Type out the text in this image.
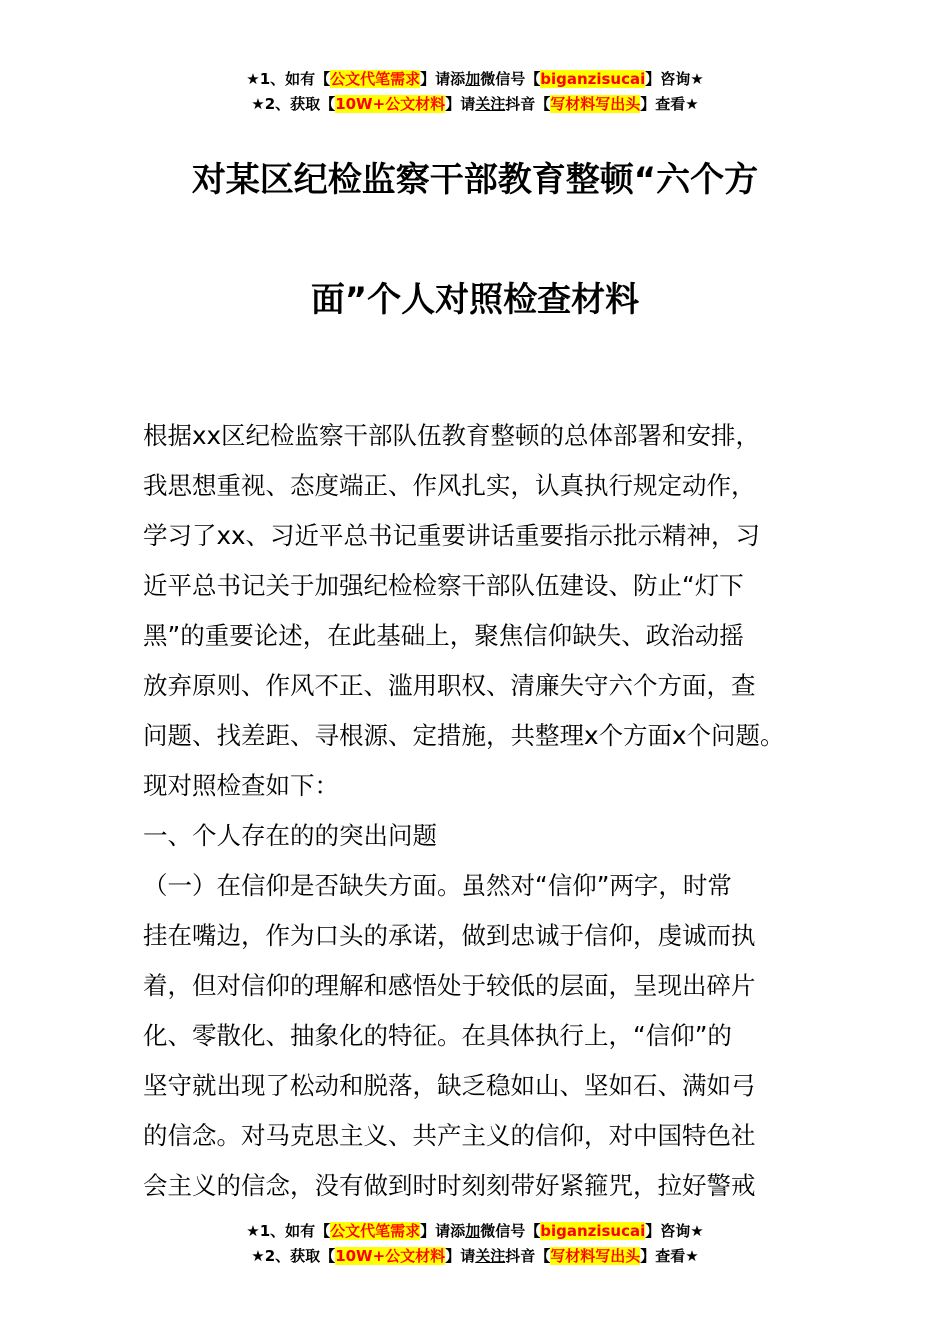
★1、如有【公文代笔需求】请添加微信号【biganzisucai】咨询★
★2、获取【10W+公文材料】请关注抖音【写材料写出头】查看★
对某区纪检监察干部教育整顿“六个方
面”个人对照检查材料

根据xx区纪检监察干部队伍教育整顿的总体部署和安排，

我思想重视、态度端正、作风扎实，认真执行规定动作，

学习了xx、习近平总书记重要讲话重要指示批示精神，习

近平总书记关于加强纪检检察干部队伍建设、防止“灯下

黑”的重要论述，在此基础上，聚焦信仰缺失、政治动摇

放弃原则、作风不正、滥用职权、清廉失守六个方面，查

问题、找差距、寻根源、定措施，共整理x个方面x个问题。

现对照检查如下：

一、个人存在的的突出问题

（一）在信仰是否缺失方面。虽然对“信仰”两字，时常

挂在嘴边，作为口头的承诺，做到忠诚于信仰，虔诚而执

着，但对信仰的理解和感悟处于较低的层面，呈现出碎片

化、零散化、抽象化的特征。在具体执行上，“信仰”的

坚守就出现了松动和脱落，缺乏稳如山、坚如石、满如弓

的信念。对马克思主义、共产主义的信仰，对中国特色社

会主义的信念，没有做到时时刻刻带好紧箍咒，拉好警戒

★1、如有【公文代笔需求】请添加微信号【biganzisucai】咨询★
★2、获取【10W+公文材料】请关注抖音【写材料写出头】查看★
